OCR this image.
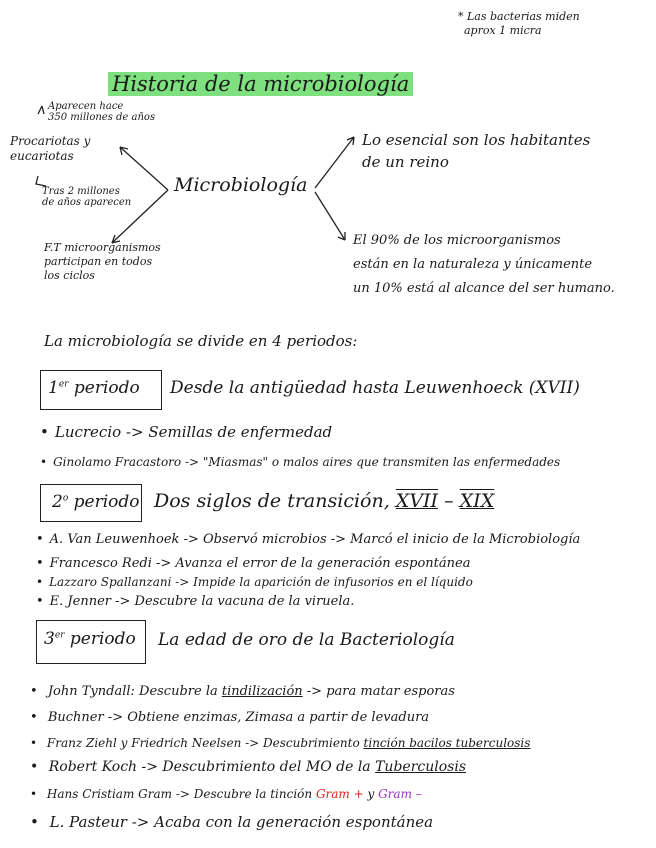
* Las bacterias miden
aprox 1 micra
Historia de la microbiología
Aparecen hace
350 millones de años
Procariotas y
eucariotas
Tras 2 millones
de años aparecen
F.T microorganismos
participan en todos
los ciclos
Microbiología
Lo esencial son los habitantes
de un reino
El 90% de los microorganismos
están en la naturaleza y únicamente
un 10% está al alcance del ser humano.
La microbiología se divide en 4 periodos:
1er periodo Desde la antigüedad hasta Leuwenhoeck (XVII)
• Lucrecio -> Semillas de enfermedad
• Ginolamo Fracastoro -> "Miasmas" o malos aires que transmiten las enfermedades
2$^o$ periodo Dos siglos de transición, XVII – XIX
• A. Van Leuwenhoek -> Observó microbios -> Marcó el inicio de la Microbiología
• Francesco Redi -> Avanza el error de la generación espontánea
• Lazzaro Spallanzani -> Impide la aparición de infusorios en el líquido
• E. Jenner -> Descubre la vacuna de la viruela.
3er periodo La edad de oro de la Bacteriología
• John Tyndall: Descubre la tindilización -> para matar esporas
• Buchner -> Obtiene enzimas, Zimasa a partir de levadura
• Franz Ziehl y Friedrich Neelsen -> Descubrimiento tinción bacilos tuberculosis
• Robert Koch -> Descubrimiento del MO de la Tuberculosis
• Hans Cristiam Gram -> Descubre la tinción Gram + y Gram –
• L. Pasteur -> Acaba con la generación espontánea
